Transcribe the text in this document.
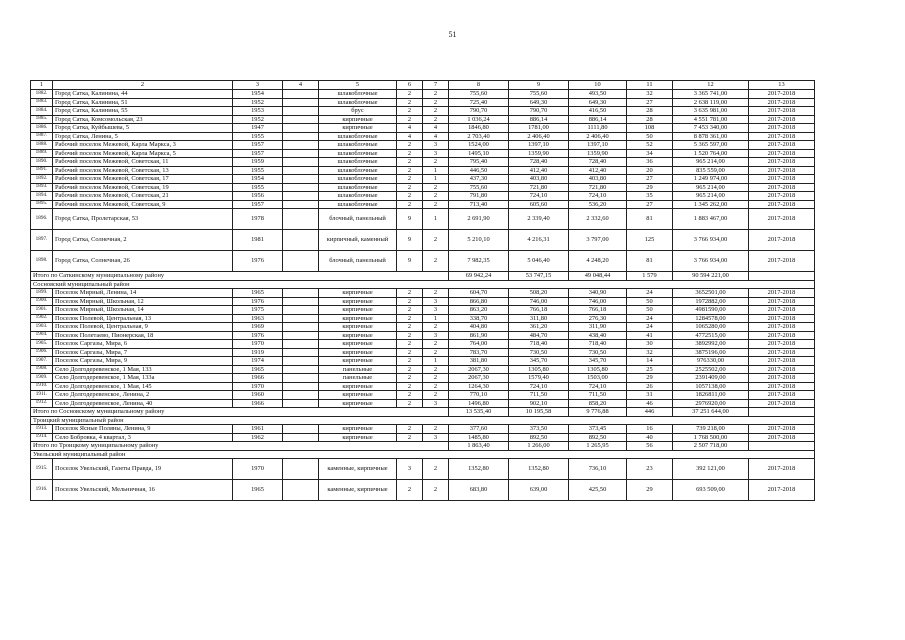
51
1	2	3	4	5	6	7	8	9	10	11	12	13
1882.	Город Сатка, Калинина, 44	1954		шлакоблочные	2	2	755,60	755,60	493,50	32	3 365 741,00	2017-2018
1883.	Город Сатка, Калинина, 51	1952		шлакоблочные	2	2	725,40	649,30	649,30	27	2 638 119,00	2017-2018
1884.	Город Сатка, Калинина, 55	1953		брус	2	2	790,70	790,70	416,50	28	3 635 981,00	2017-2018
1885.	Город Сатка, Комсомольская, 23	1952		кирпичные	2	2	1 036,24	886,14	886,14	28	4 551 781,00	2017-2018
1886.	Город Сатка, Куйбышева, 5	1947		кирпичные	4	4	1846,80	1781,00	1111,80	108	7 453 340,00	2017-2018
1887.	Город Сатка, Ленина, 5	1955		шлакоблочные	4	4	2 703,40	2 406,40	2 406,40	50	8 878 361,00	2017-2018
1888.	Рабочий поселок Межевой, Карла Маркса, 3	1957		шлакоблочные	2	3	1524,00	1397,10	1397,10	52	5 365 597,00	2017-2018
1889.	Рабочий поселок Межевой, Карла Маркса, 5	1957		шлакоблочные	2	3	1495,10	1359,90	1359,90	34	1 520 764,00	2017-2018
1890.	Рабочий поселок Межевой, Советская, 11	1959		шлакоблочные	2	2	795,40	728,40	728,40	36	965 214,00	2017-2018
1891.	Рабочий поселок Межевой, Советская, 13	1955		шлакоблочные	2	1	446,50	412,40	412,40	20	835 559,00	2017-2018
1892.	Рабочий поселок Межевой, Советская, 17	1954		шлакоблочные	2	1	437,30	403,80	403,80	27	1 249 974,00	2017-2018
1893.	Рабочий поселок Межевой, Советская, 19	1955		шлакоблочные	2	2	755,60	721,80	721,80	29	965 214,00	2017-2018
1894.	Рабочий поселок Межевой, Советская, 21	1956		шлакоблочные	2	2	791,80	724,10	724,10	35	965 214,00	2017-2018
1895.	Рабочий поселок Межевой, Советская, 9	1957		шлакоблочные	2	2	713,40	605,60	536,20	27	1 345 262,00	2017-2018
1896.	Город Сатка, Пролетарская, 53	1978		блочный, панельный	9	1	2 691,90	2 339,40	2 332,60	81	1 883 467,00	2017-2018
1897.	Город Сатка, Солнечная, 2	1981		кирпичный, каменный	9	2	5 210,10	4 216,31	3 797,00	125	3 766 934,00	2017-2018
1898.	Город Сатка, Солнечная, 26	1976		блочный, панельный	9	2	7 982,35	5 046,40	4 248,20	81	3 766 934,00	2017-2018
Итого по Саткинскому муниципальному району							69 942,24	53 747,15	49 048,44	1 579	90 594 221,00	
Сосновский муниципальный район												
1899.	Поселок Мирный, Ленина, 14	1965		кирпичные	2	2	604,70	508,20	340,90	24	3652501,00	2017-2018
1900.	Поселок Мирный, Школьная, 12	1976		кирпичные	2	3	866,80	746,00	746,00	50	1972882,00	2017-2018
1901.	Поселок Мирный, Школьная, 14	1975		кирпичные	2	3	863,20	766,18	766,18	50	4981590,00	2017-2018
1902.	Поселок Полевой, Центральная, 13	1963		кирпичные	2	1	338,70	311,80	276,30	24	1284578,00	2017-2018
1903.	Поселок Полевой, Центральная, 9	1969		кирпичные	2	2	404,80	361,20	311,90	24	1065280,00	2017-2018
1904.	Поселок Полетаево, Пионерская, 18	1976		кирпичные	2	3	861,90	484,70	438,40	41	4772515,00	2017-2018
1905.	Поселок Саргазы, Мира, 6	1970		кирпичные	2	2	764,00	718,40	718,40	30	3892992,00	2017-2018
1906.	Поселок Саргазы, Мира, 7	1919		кирпичные	2	2	783,70	730,50	730,50	32	3875196,00	2017-2018
1907.	Поселок Саргазы, Мира, 9	1974		кирпичные	2	1	381,80	345,70	345,70	14	976330,00	2017-2018
1908.	Село Долгодеревенское, 1 Мая, 133	1965		панельные	2	2	2067,30	1305,80	1305,80	25	2525502,00	2017-2018
1909.	Село Долгодеревенское, 1 Мая, 133а	1966		панельные	2	2	2067,30	1579,40	1503,00	29	2391409,00	2017-2018
1910.	Село Долгодеревенское, 1 Мая, 145	1970		кирпичные	2	2	1264,30	724,10	724,10	26	1057138,00	2017-2018
1911.	Село Долгодеревенское, Ленина, 2	1960		кирпичные	2	2	770,10	711,50	711,50	31	1826811,00	2017-2018
1912.	Село Долгодеревенское, Ленина, 40	1966		кирпичные	2	3	1496,80	902,10	858,20	46	2976920,00	2017-2018
Итого по Сосновскому муниципальному району							13 535,40	10 195,58	9 776,88	446	37 251 644,00	
Троицкий муниципальный район												
1913.	Поселок Ясные Поляны, Ленина, 9	1961		кирпичные	2	2	377,60	373,50	373,45	16	739 218,00	2017-2018
1914.	Село Бобровка, 4 квартал, 3	1962		кирпичные	2	3	1485,80	892,50	892,50	40	1 768 500,00	2017-2018
Итого по Троицкому муниципальному району							1 863,40	1 266,00	1 265,95	56	2 507 718,00	
Увельский муниципальный район												
1915.	Поселок Увельский, Газеты Правда, 19	1970		каменные, кирпичные	3	2	1352,80	1352,80	736,10	23	392 121,00	2017-2018
1916.	Поселок Увельский, Мельничная, 16	1965		каменные, кирпичные	2	2	683,80	639,00	425,50	29	693 509,00	2017-2018
